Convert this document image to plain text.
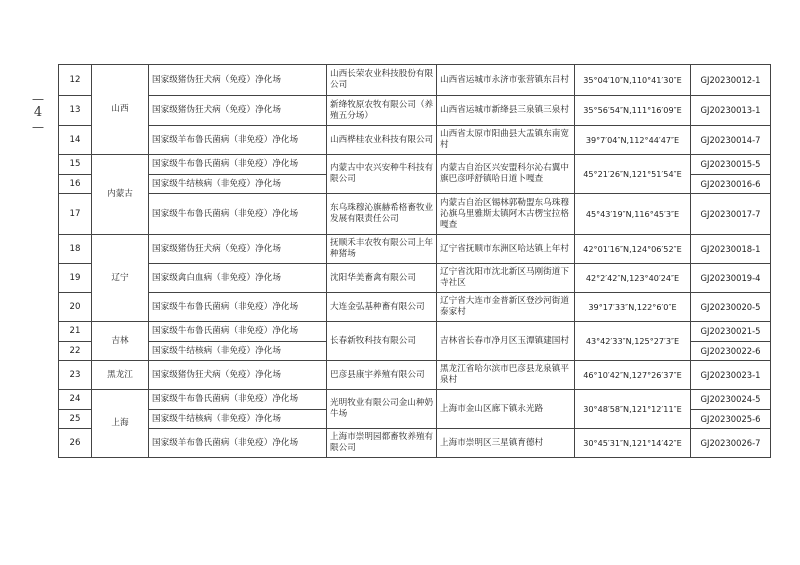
—
4
—
12	山西	国家级猪伪狂犬病（免疫）净化场	山西长荣农业科技股份有限公司	山西省运城市永济市张营镇东吕村	35°04′10″N,110°41′30″E	GJ20230012-1
13		国家级猪伪狂犬病（免疫）净化场	新绛牧原农牧有限公司（养殖五分场）	山西省运城市新绛县三泉镇三泉村	35°56′54″N,111°16′09″E	GJ20230013-1
14		国家级羊布鲁氏菌病（非免疫）净化场	山西桦桂农业科技有限公司	山西省太原市阳曲县大盂镇东南宽村	39°7′04″N,112°44′47″E	GJ20230014-7
15	内蒙古	国家级牛布鲁氏菌病（非免疫）净化场	内蒙古中农兴安种牛科技有限公司	内蒙古自治区兴安盟科尔沁右翼中旗巴彦呼舒镇哈日道卜嘎查	45°21′26″N,121°51′54″E	GJ20230015-5
16		国家级牛结核病（非免疫）净化场				GJ20230016-6
17		国家级牛布鲁氏菌病（非免疫）净化场	东乌珠穆沁旗赫希格畜牧业发展有限责任公司	内蒙古自治区锡林郭勒盟东乌珠穆沁旗乌里雅斯太镇阿木古楞宝拉格嘎查	45°43′19″N,116°45′3″E	GJ20230017-7
18	辽宁	国家级猪伪狂犬病（免疫）净化场	抚顺禾丰农牧有限公司上年种猪场	辽宁省抚顺市东洲区哈达镇上年村	42°01′16″N,124°06′52″E	GJ20230018-1
19		国家级禽白血病（非免疫）净化场	沈阳华美畜禽有限公司	辽宁省沈阳市沈北新区马刚街道下寺社区	42°2′42″N,123°40′24″E	GJ20230019-4
20		国家级牛布鲁氏菌病（非免疫）净化场	大连金弘基种畜有限公司	辽宁省大连市金普新区登沙河街道泰家村	39°17′33″N,122°6′0″E	GJ20230020-5
21	吉林	国家级牛布鲁氏菌病（非免疫）净化场	长春新牧科技有限公司	吉林省长春市净月区玉潭镇建国村	43°42′33″N,125°27′3″E	GJ20230021-5
22		国家级牛结核病（非免疫）净化场				GJ20230022-6
23	黑龙江	国家级猪伪狂犬病（免疫）净化场	巴彦县康宇养殖有限公司	黑龙江省哈尔滨市巴彦县龙泉镇平泉村	46°10′42″N,127°26′37″E	GJ20230023-1
24	上海	国家级牛布鲁氏菌病（非免疫）净化场	光明牧业有限公司金山种奶牛场	上海市金山区廊下镇永光路	30°48′58″N,121°12′11″E	GJ20230024-5
25		国家级牛结核病（非免疫）净化场				GJ20230025-6
26		国家级羊布鲁氏菌病（非免疫）净化场	上海市崇明园都畜牧养殖有限公司	上海市崇明区三星镇育德村	30°45′31″N,121°14′42″E	GJ20230026-7
